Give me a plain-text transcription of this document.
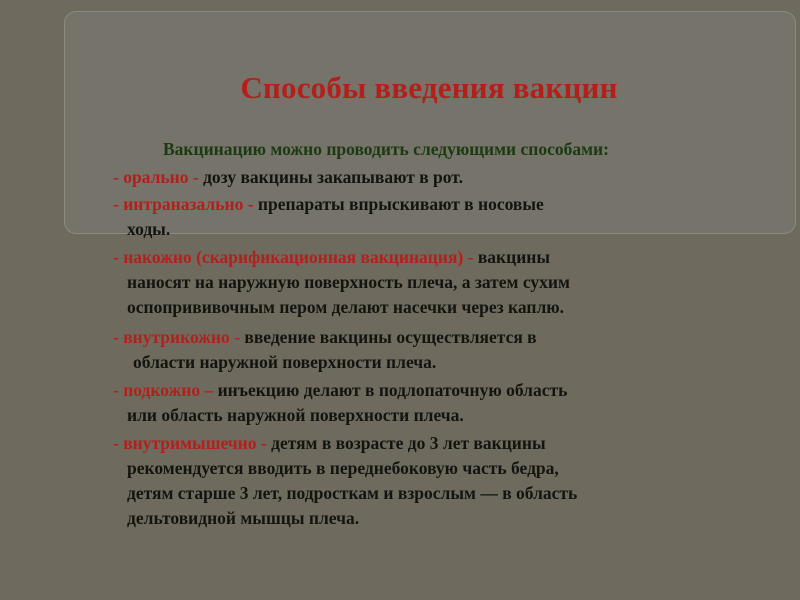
Способы введения вакцин

Вакцинацию можно проводить следующими способами:

- орально - дозу вакцины закапывают в рот.

- интраназально - препараты впрыскивают в носовые
ходы.

- накожно (скарификационная вакцинация) - вакцины
наносят на наружную поверхность плеча, а затем сухим
оспопрививочным пером делают насечки через каплю.

- внутрикожно - введение вакцины осуществляется в
области наружной поверхности плеча.

- подкожно – инъекцию делают в подлопаточную область
или область наружной поверхности плеча.

- внутримышечно - детям в возрасте до 3 лет вакцины
рекомендуется вводить в переднебоковую часть бедра,
детям старше 3 лет, подросткам и взрослым — в область
дельтовидной мышцы плеча.
